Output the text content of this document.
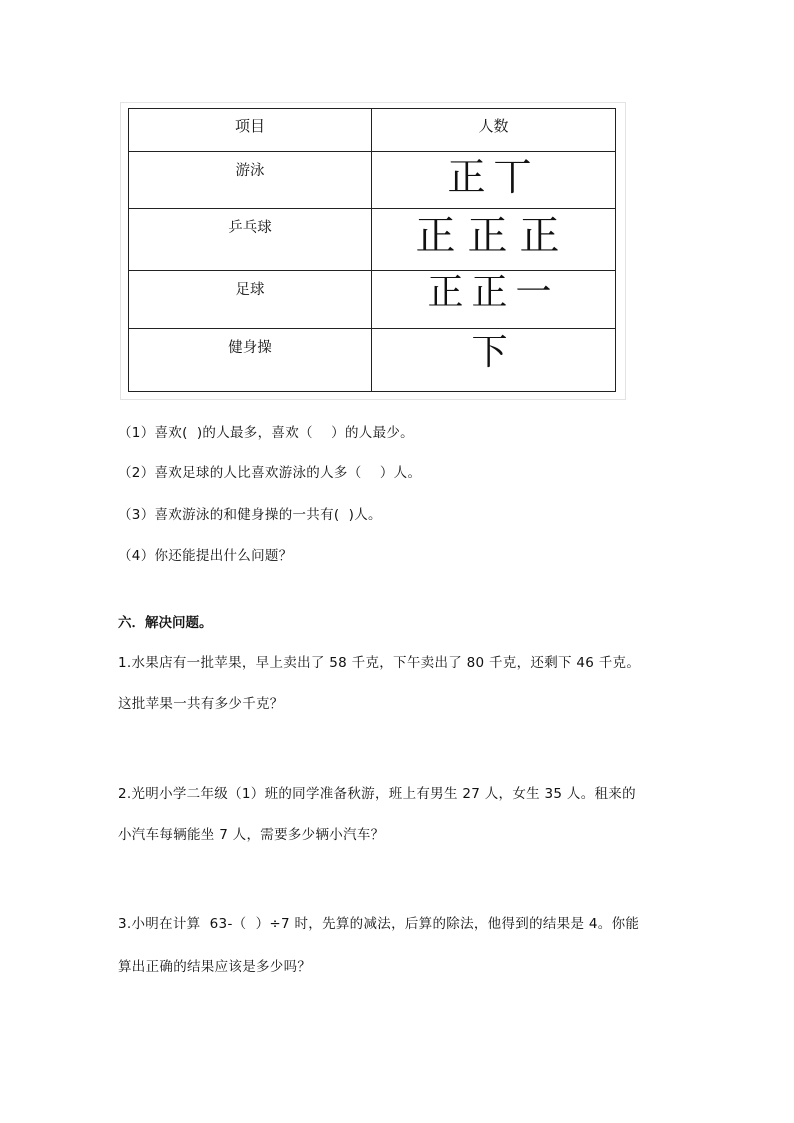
项目	人数
游泳	正丅
乒乓球	正正正
足球	正正一
健身操	下
（1）喜欢(  )的人最多，喜欢（    ）的人最少。
（2）喜欢足球的人比喜欢游泳的人多（    ）人。
（3）喜欢游泳的和健身操的一共有(  )人。
（4）你还能提出什么问题？
六．解决问题。
1.水果店有一批苹果，早上卖出了 58 千克，下午卖出了 80 千克，还剩下 46 千克。
这批苹果一共有多少千克？
2.光明小学二年级（1）班的同学准备秋游，班上有男生 27 人，女生 35 人。租来的
小汽车每辆能坐 7 人，需要多少辆小汽车？
3.小明在计算  63-（  ）÷7 时，先算的减法，后算的除法，他得到的结果是 4。你能
算出正确的结果应该是多少吗？
